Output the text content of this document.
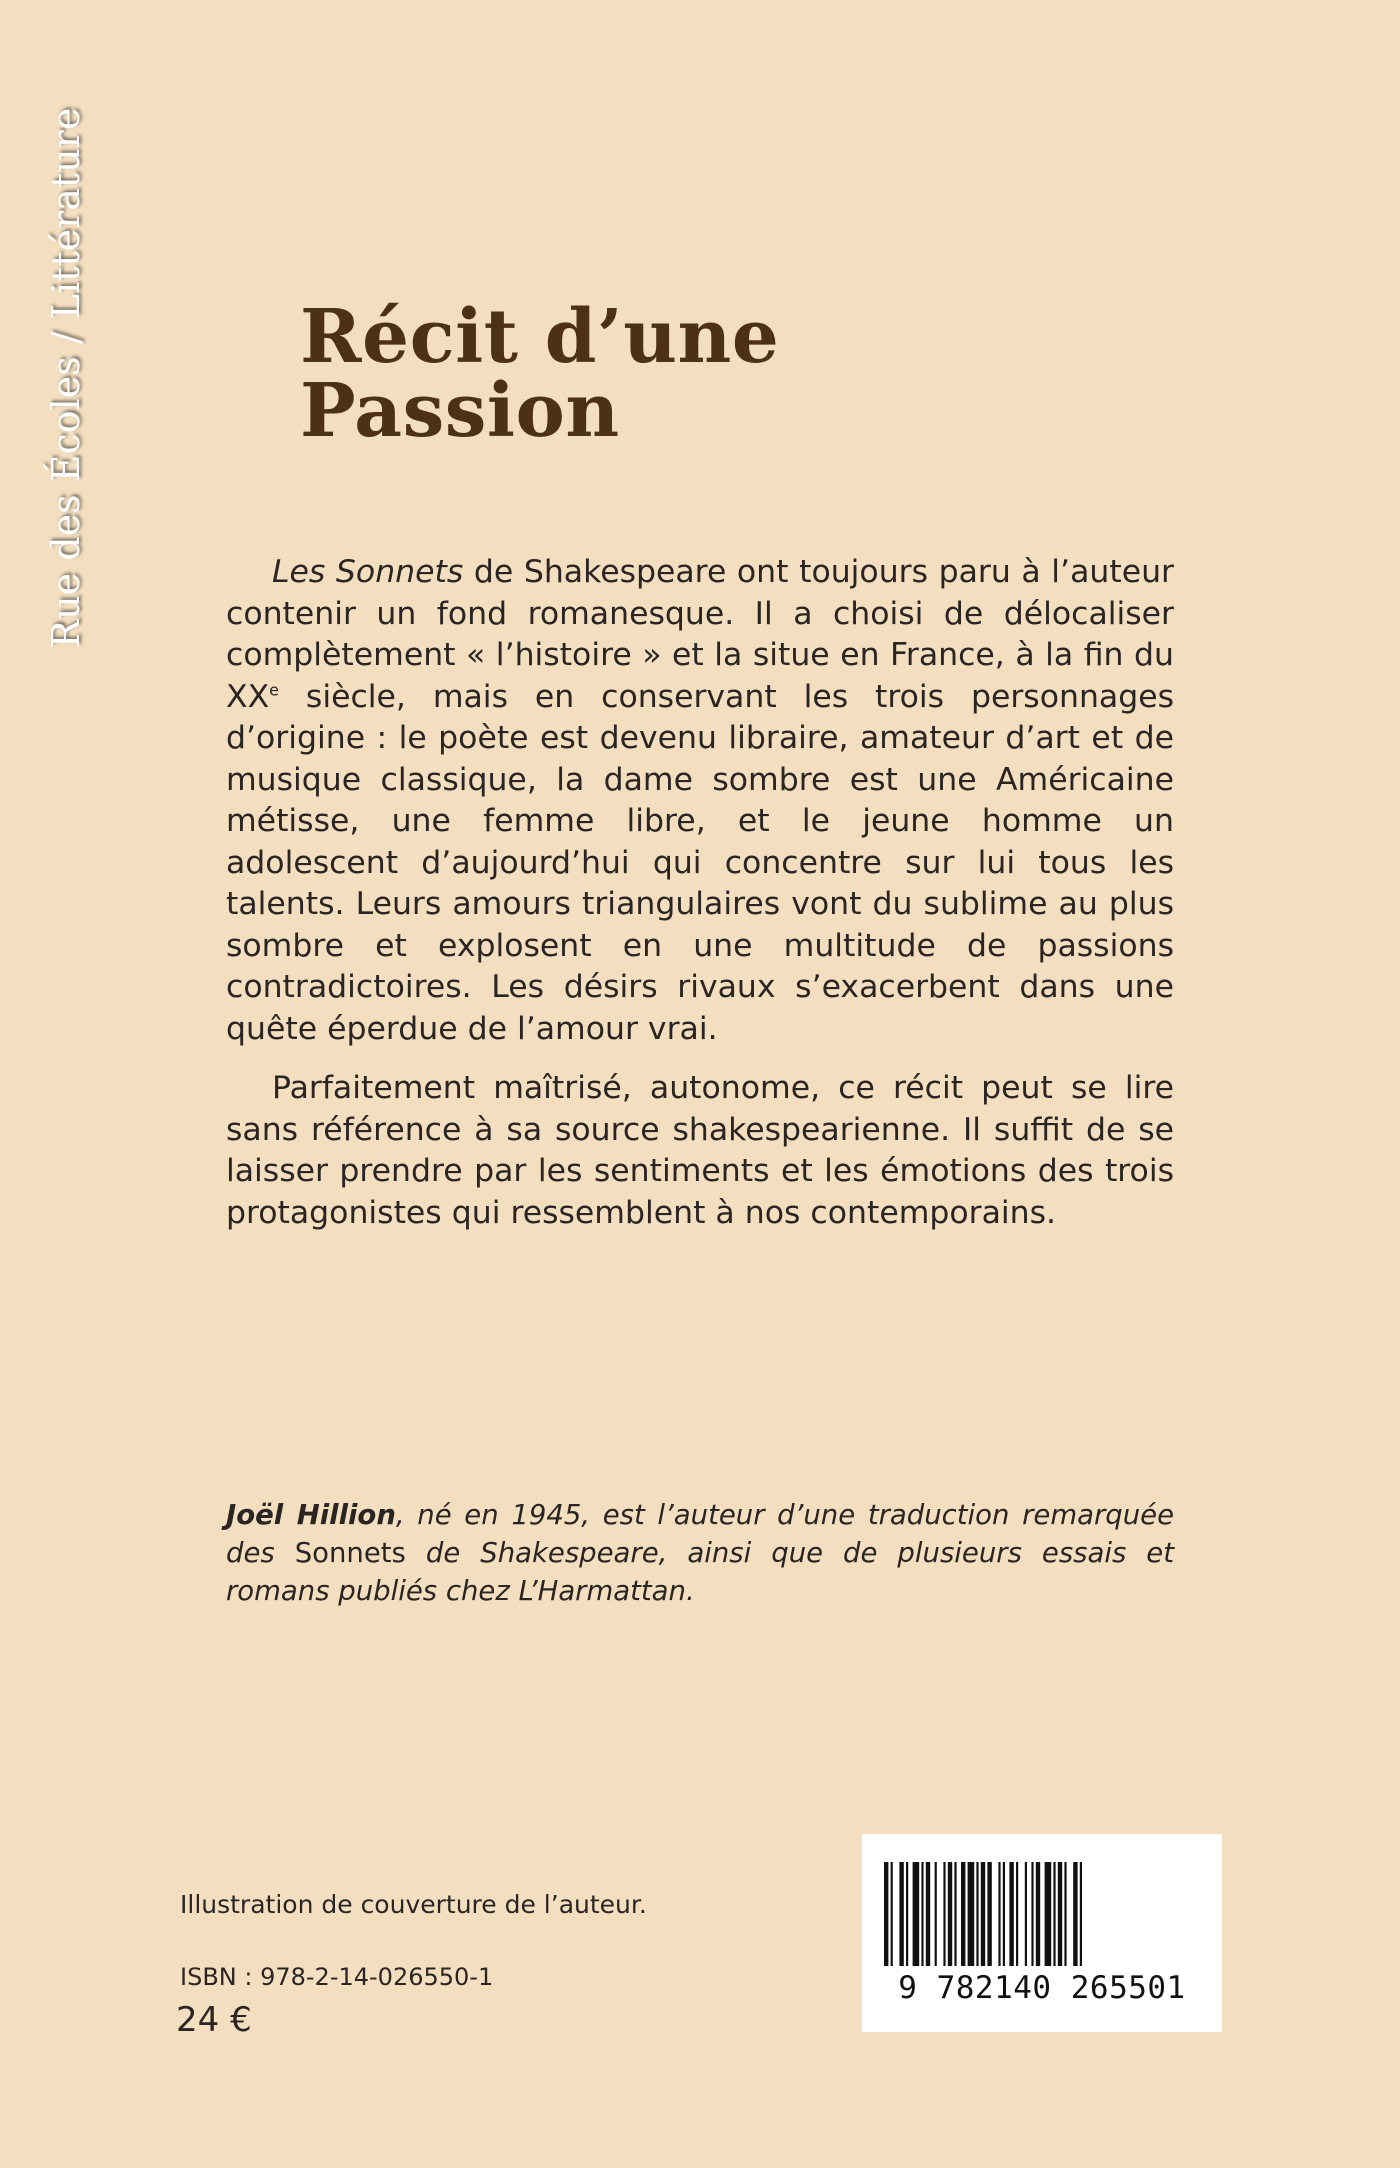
Rue des Écoles / Littérature	Récit d’une Passion

Les Sonnets de Shakespeare ont toujours paru à l’auteur contenir un fond romanesque. Il a choisi de délocaliser complètement « l’histoire » et la situe en France, à la fin du XXe siècle, mais en conservant les trois personnages d’origine : le poète est devenu libraire, amateur d’art et de musique classique, la dame sombre est une Américaine métisse, une femme libre, et le jeune homme un adolescent d’aujourd’hui qui concentre sur lui tous les talents. Leurs amours triangulaires vont du sublime au plus sombre et explosent en une multitude de passions contradictoires. Les désirs rivaux s’exacerbent dans une quête éperdue de l’amour vrai.

Parfaitement maîtrisé, autonome, ce récit peut se lire sans référence à sa source shakespearienne. Il suffit de se laisser prendre par les sentiments et les émotions des trois protagonistes qui ressemblent à nos contemporains.

Joël Hillion, né en 1945, est l’auteur d’une traduction remarquée des Sonnets de Shakespeare, ainsi que de plusieurs essais et romans publiés chez L’Harmattan.
Illustration de couverture de l’auteur.
ISBN : 978-2-14-026550-1
24 €
9 782140 265501
